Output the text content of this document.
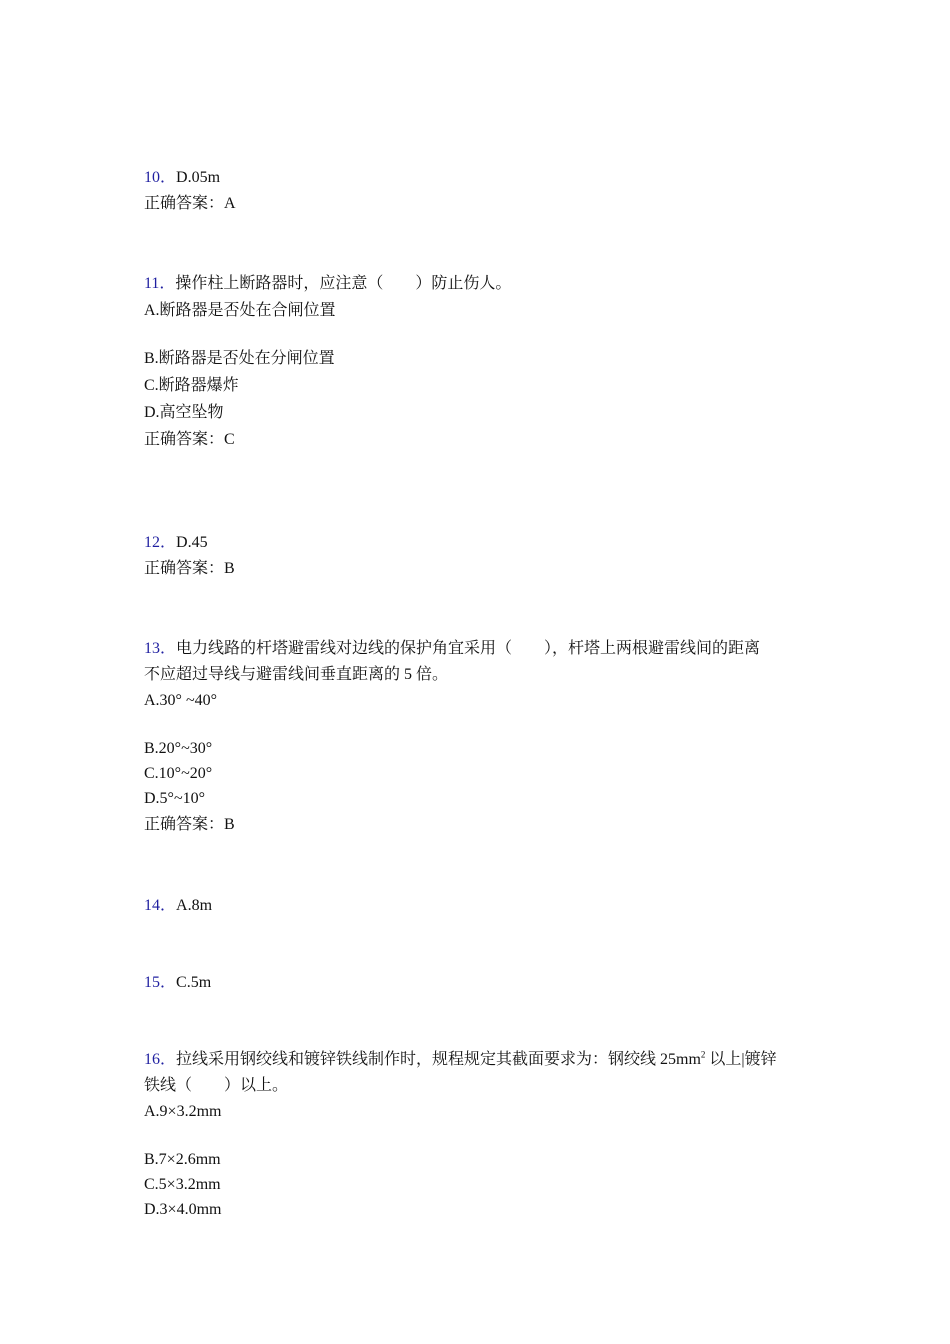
10．D.05m
正确答案：A
11．操作柱上断路器时，应注意（　　）防止伤人。
A.断路器是否处在合闸位置
B.断路器是否处在分闸位置
C.断路器爆炸
D.高空坠物
正确答案：C
12．D.45
正确答案：B
13．电力线路的杆塔避雷线对边线的保护角宜采用（　　），杆塔上两根避雷线间的距离
不应超过导线与避雷线间垂直距离的 5 倍。
A.30° ~40°
B.20°~30°
C.10°~20°
D.5°~10°
正确答案：B
14．A.8m
15．C.5m
16．拉线采用钢绞线和镀锌铁线制作时，规程规定其截面要求为：钢绞线 $25mm^2$ 以上|镀锌
铁线（　　）以上。
A.9×3.2mm
B.7×2.6mm
C.5×3.2mm
D.3×4.0mm
